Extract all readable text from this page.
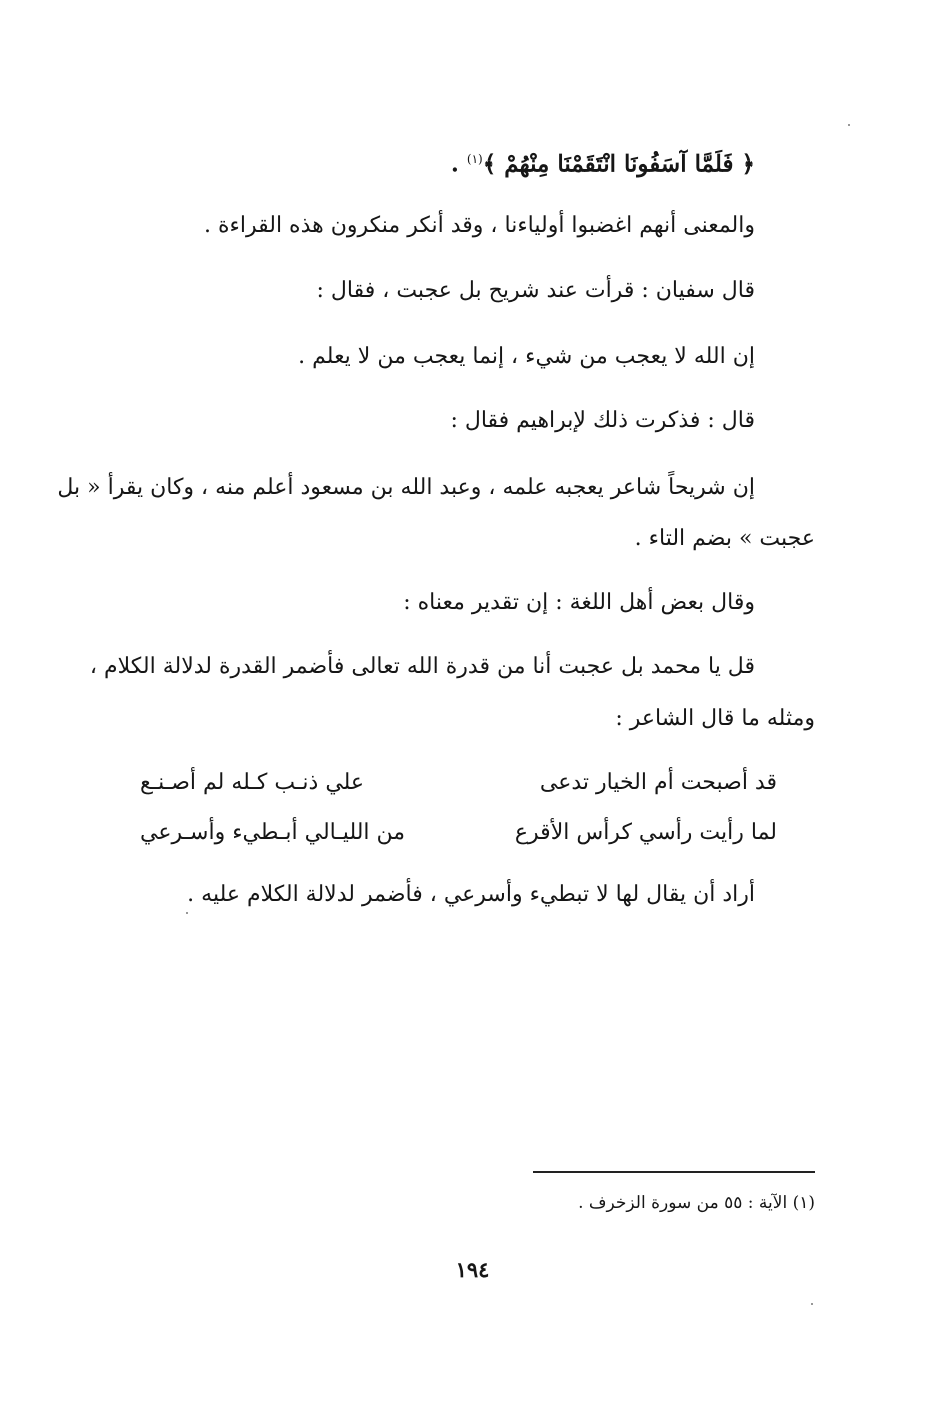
﴿ فَلَمَّا آسَفُونَا انْتَقَمْنَا مِنْهُمْ ﴾$^{(١)}$ .
والمعنى أنهم اغضبوا أولياءنا ، وقد أنكر منكرون هذه القراءة .
قال سفيان : قرأت عند شريح بل عجبت ، فقال :
إن الله لا يعجب من شيء ، إنما يعجب من لا يعلم .
قال : فذكرت ذلك لإبراهيم فقال :
إن شريحاً شاعر يعجبه علمه ، وعبد الله بن مسعود أعلم منه ، وكان يقرأ « بل
عجبت » بضم التاء .
وقال بعض أهل اللغة : إن تقدير معناه :
قل يا محمد بل عجبت أنا من قدرة الله تعالى فأضمر القدرة لدلالة الكلام ،
ومثله ما قال الشاعر :
قد أصبحت أم الخيار تدعى
علي ذنـب كـله لم أصـنـع
لما رأيت رأسي كرأس الأقرع
من الليـالي أبـطيء وأسـرعي
أراد أن يقال لها لا تبطيء وأسرعي ، فأضمر لدلالة الكلام عليه .
(١) الآية : ٥٥ من سورة الزخرف .
١٩٤
